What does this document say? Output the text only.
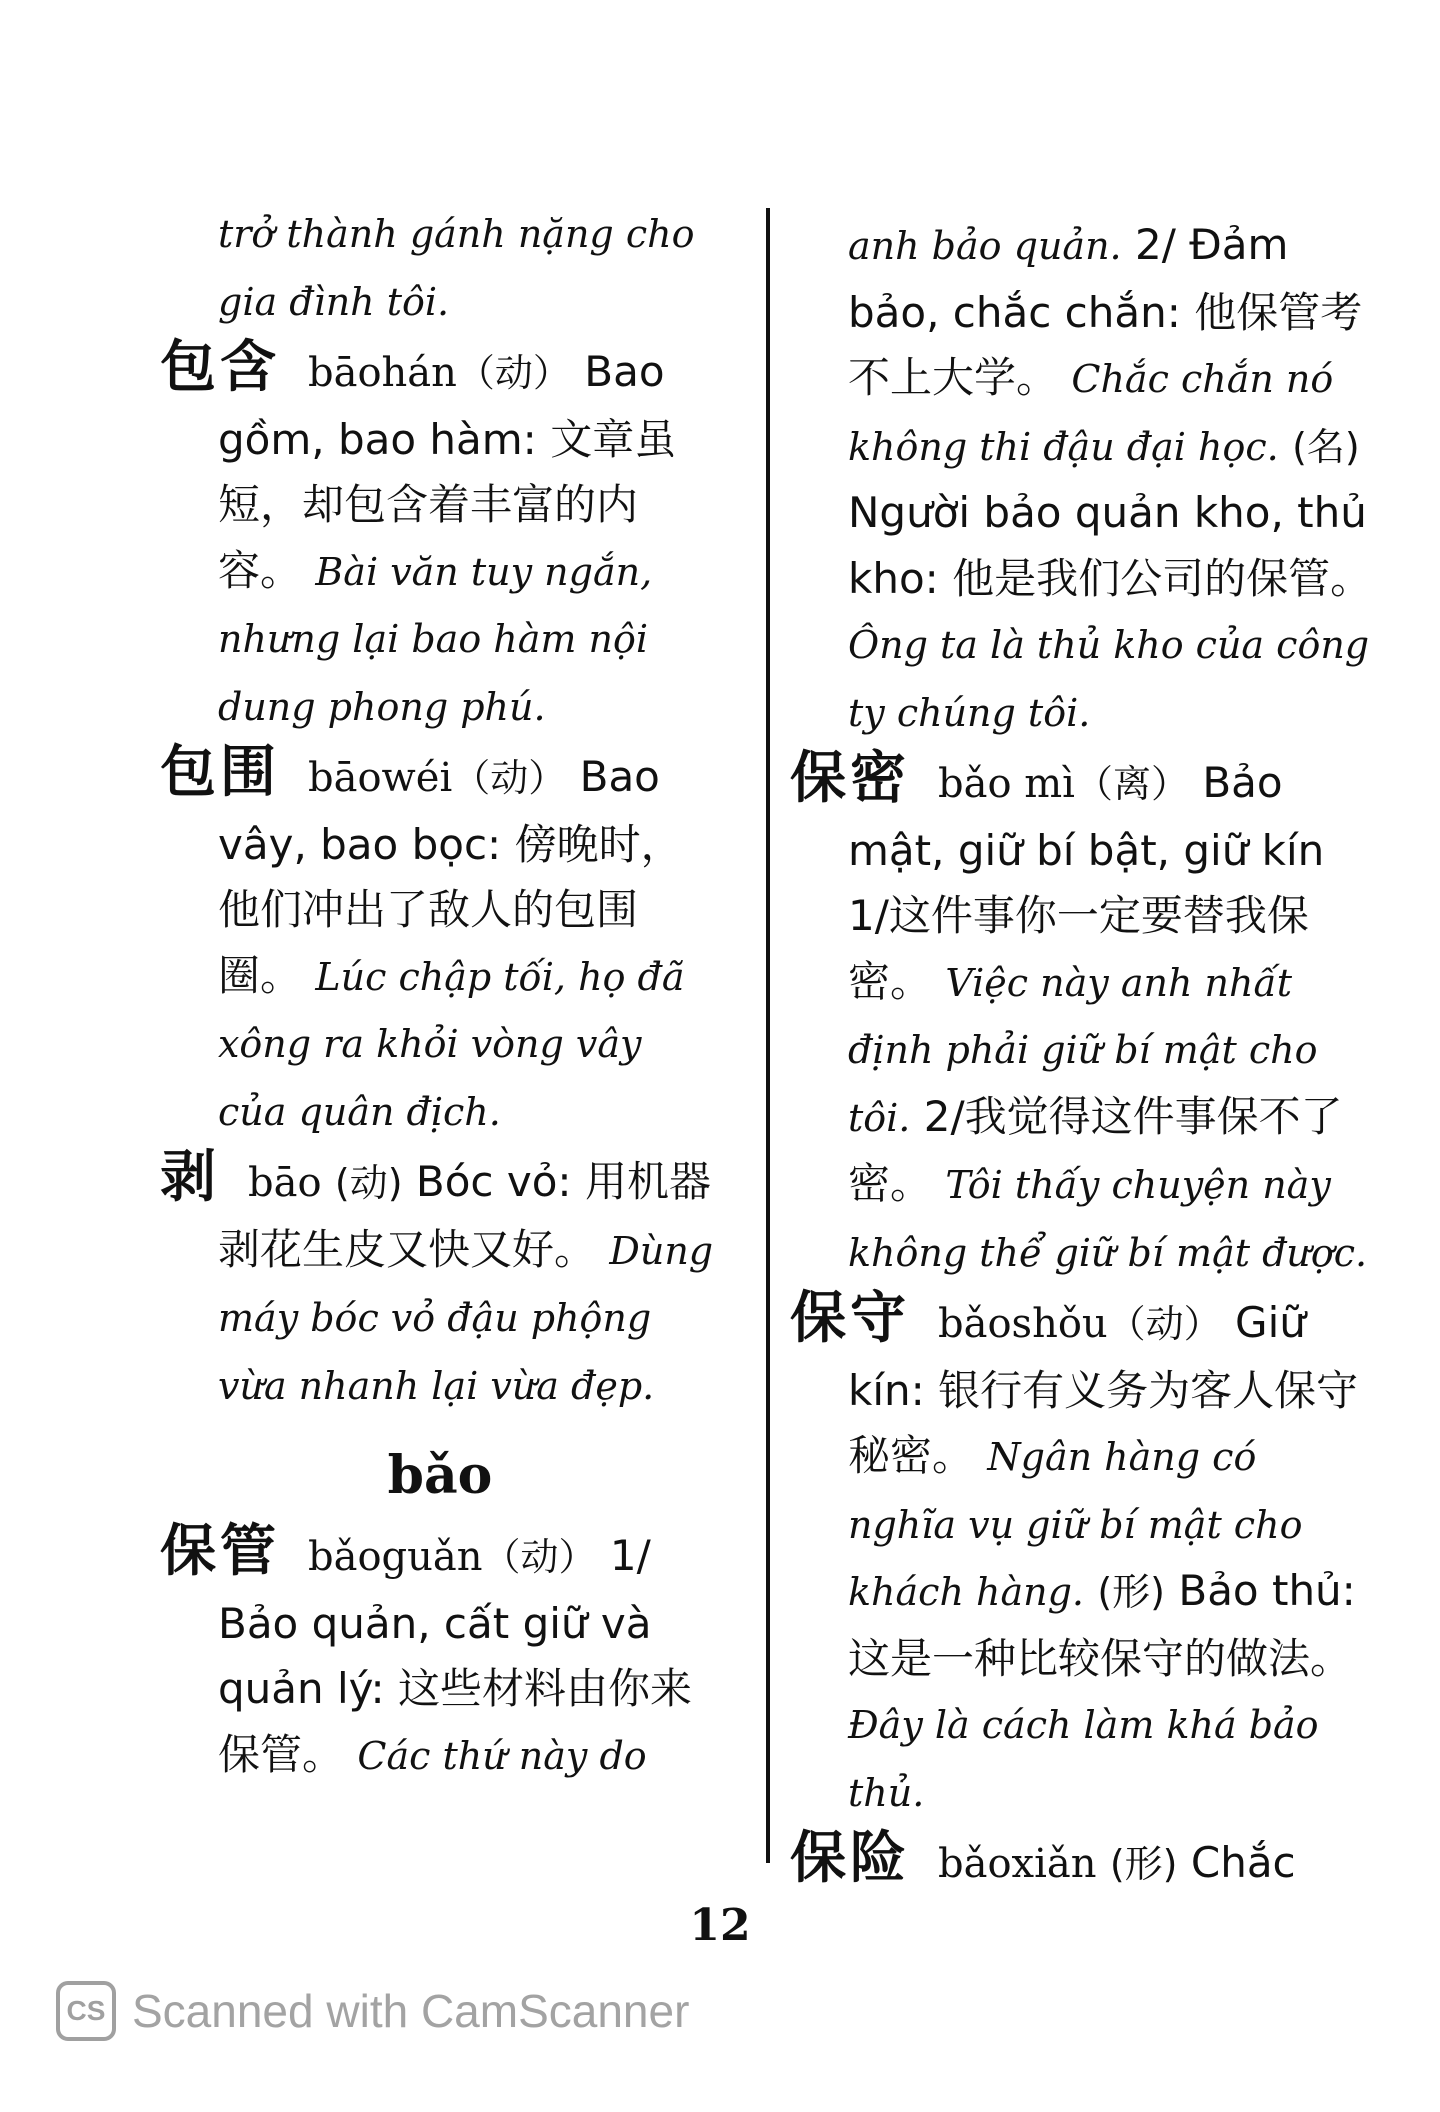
trở thành gánh nặng cho gia đình tôi.

包含 bāohán（动） Bao gồm, bao hàm: 文章虽短，却包含着丰富的内容。 Bài văn tuy ngắn, nhưng lại bao hàm nội dung phong phú.

包围 bāowéi（动） Bao vây, bao bọc: 傍晚时，他们冲出了敌人的包围圈。 Lúc chập tối, họ đã xông ra khỏi vòng vây của quân địch.

剥 bāo (动) Bóc vỏ: 用机器剥花生皮又快又好。 Dùng máy bóc vỏ đậu phộng vừa nhanh lại vừa đẹp.

bǎo

保管 bǎoguǎn（动） 1/ Bảo quản, cất giữ và quản lý: 这些材料由你来保管。 Các thứ này do

anh bảo quản. 2/ Đảm bảo, chắc chắn: 他保管考不上大学。 Chắc chắn nó không thi đậu đại học. (名) Người bảo quản kho, thủ kho: 他是我们公司的保管。 Ông ta là thủ kho của công ty chúng tôi.

保密 bǎo mì（离） Bảo mật, giữ bí bật, giữ kín 1/这件事你一定要替我保密。 Việc này anh nhất định phải giữ bí mật cho tôi. 2/我觉得这件事保不了密。 Tôi thấy chuyện này không thể giữ bí mật được.

保守 bǎoshǒu（动） Giữ kín: 银行有义务为客人保守秘密。 Ngân hàng có nghĩa vụ giữ bí mật cho khách hàng. (形) Bảo thủ: 这是一种比较保守的做法。 Đây là cách làm khá bảo thủ.

保险 bǎoxiǎn (形) Chắc

12
CS Scanned with CamScanner
